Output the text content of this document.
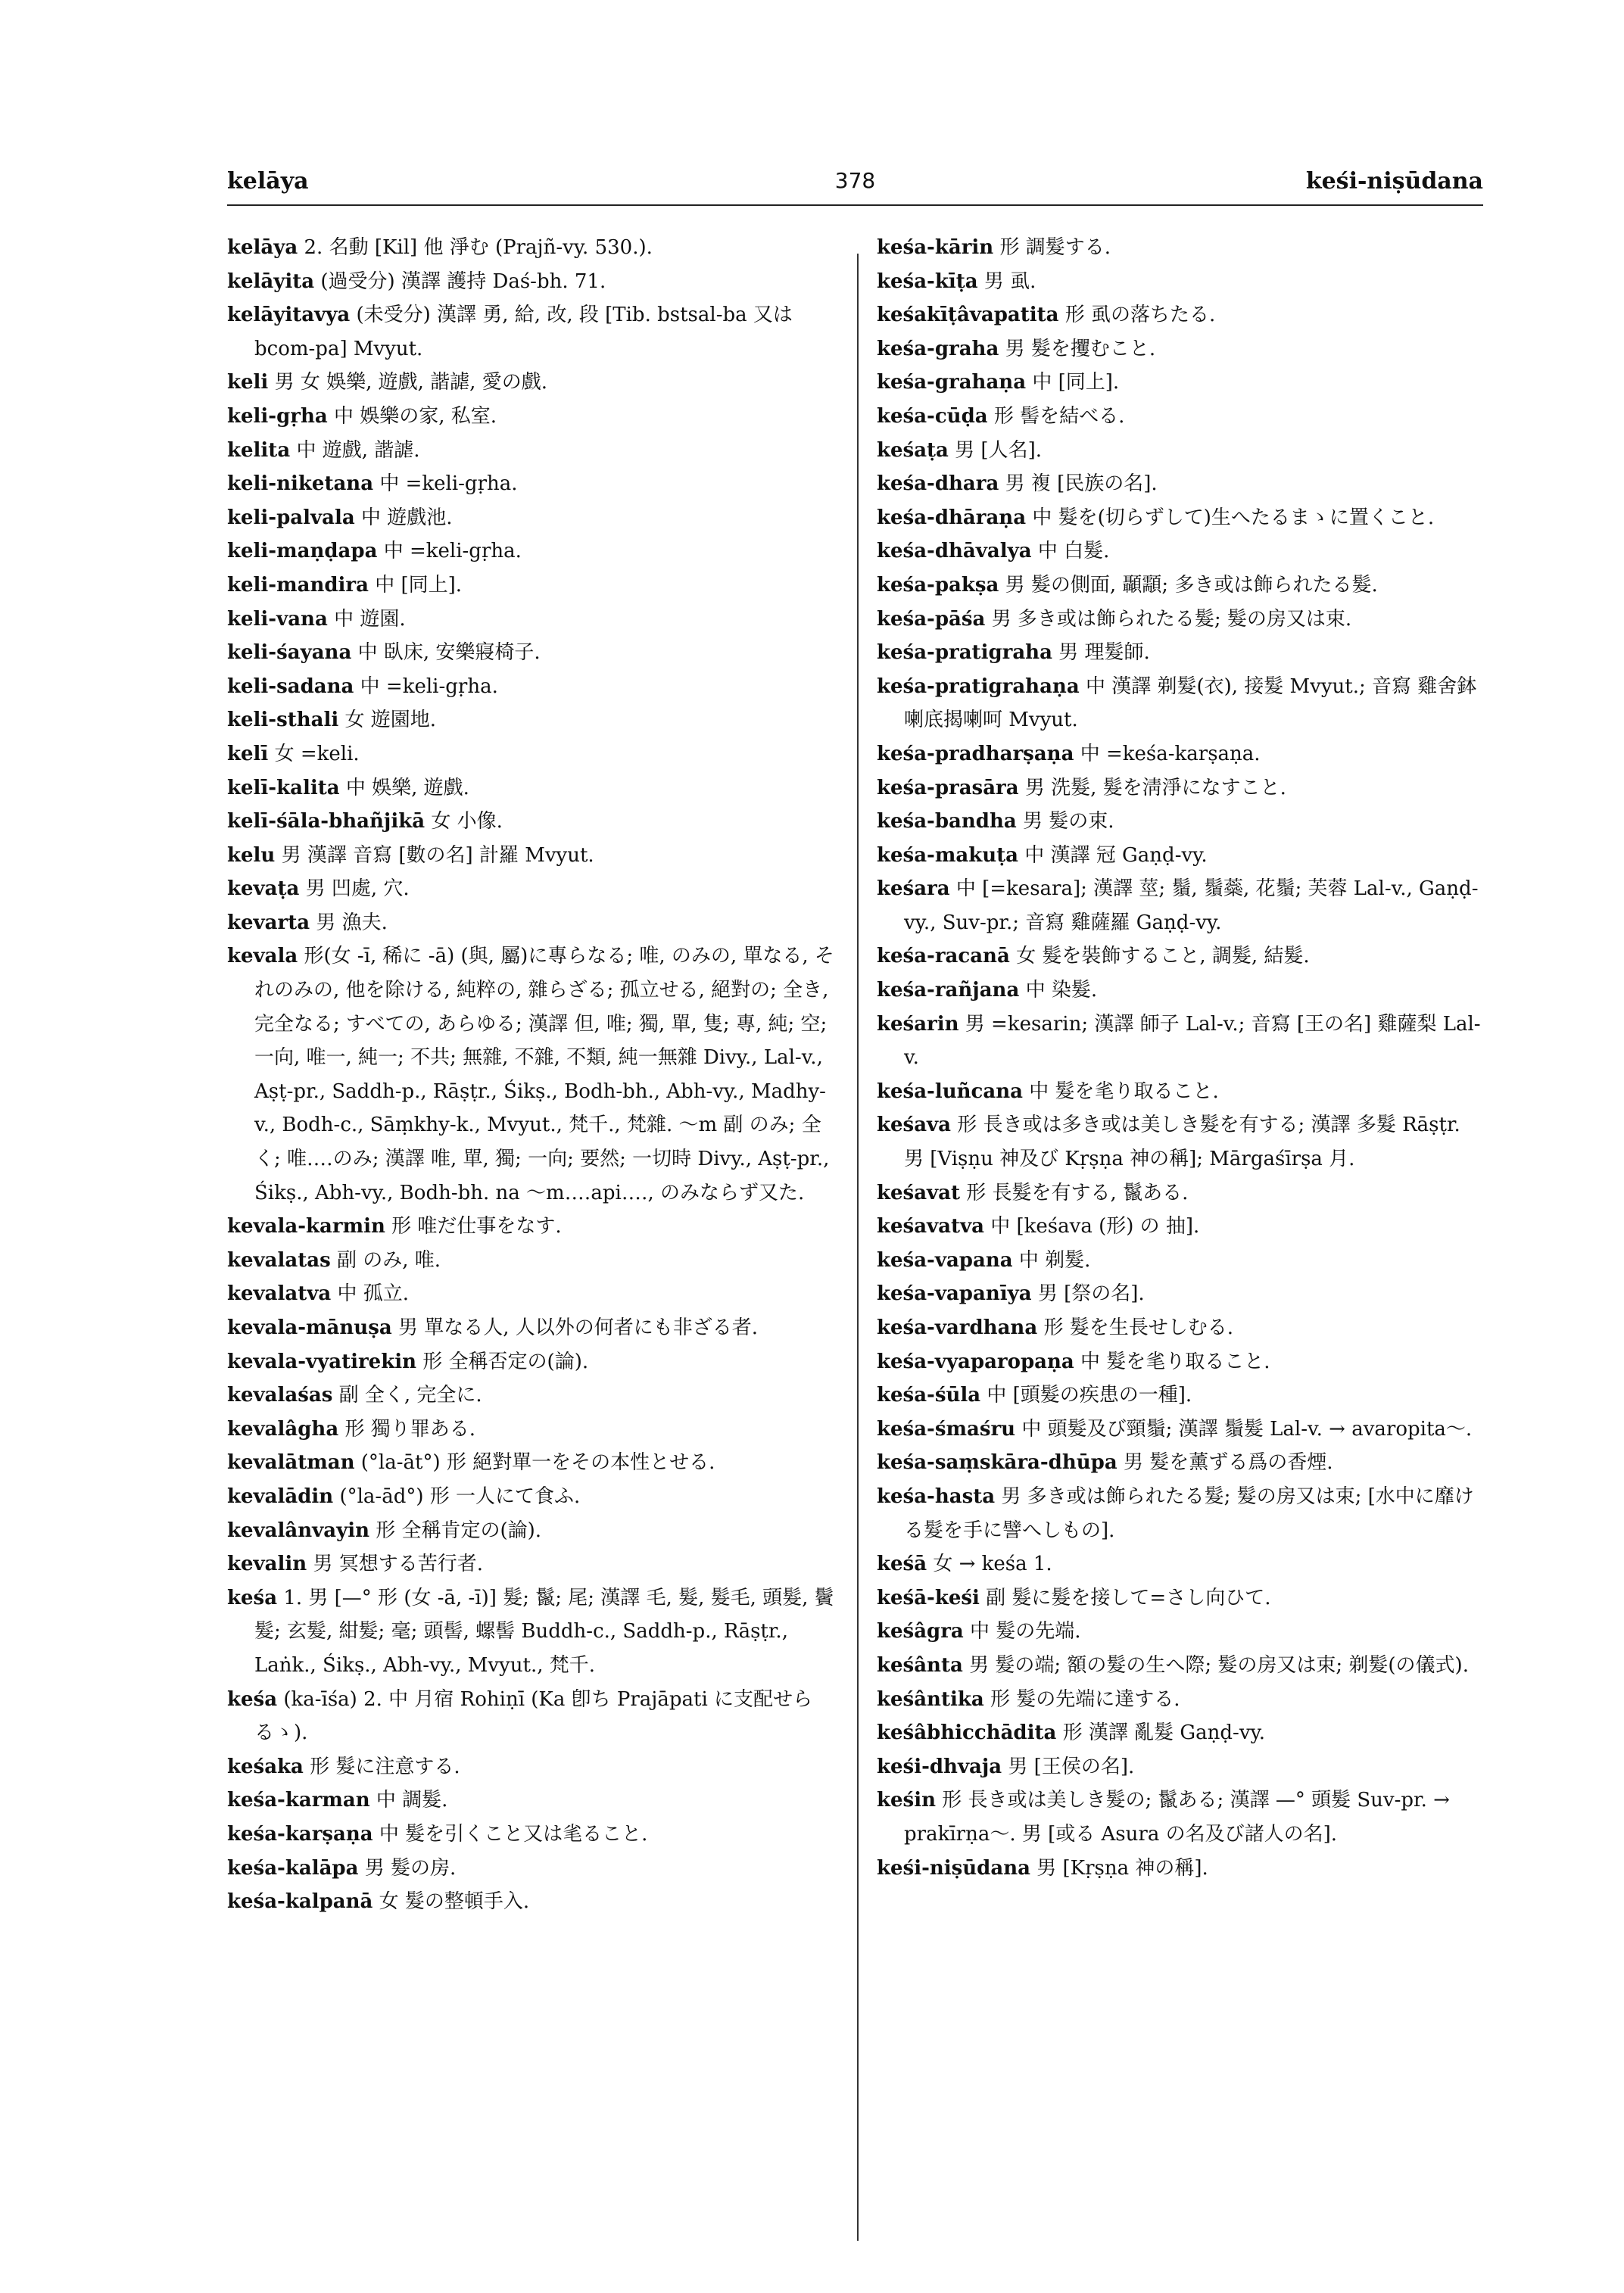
kelāya	378	keśi-niṣūdana

kelāya 2. 名動 [Kil] 他 淨む (Prajñ-vy. 530.).

kelāyita (過受分) 漢譯 護持 Daś-bh. 71.

kelāyitavya (未受分) 漢譯 勇, 給, 改, 段 [Tib. bstsal-ba 又は bcom-pa] Mvyut.

keli 男 女 娛樂, 遊戲, 諧謔, 愛の戲.

keli-gṛha 中 娛樂の家, 私室.

kelita 中 遊戲, 諧謔.

keli-niketana 中 =keli-gṛha.

keli-palvala 中 遊戲池.

keli-maṇḍapa 中 =keli-gṛha.

keli-mandira 中 [同上].

keli-vana 中 遊園.

keli-śayana 中 臥床, 安樂寢椅子.

keli-sadana 中 =keli-gṛha.

keli-sthali 女 遊園地.

kelī 女 =keli.

kelī-kalita 中 娛樂, 遊戲.

kelī-śāla-bhañjikā 女 小像.

kelu 男 漢譯 音寫 [數の名] 計羅 Mvyut.

kevaṭa 男 凹處, 穴.

kevarta 男 漁夫.

kevala 形(女 -ī, 稀に -ā) (與, 屬)に專らなる; 唯, のみの, 單なる, それのみの, 他を除ける, 純粹の, 雜らざる; 孤立せる, 絕對の; 全き, 完全なる; すべての, あらゆる; 漢譯 但, 唯; 獨, 單, 隻; 專, 純; 空; 一向, 唯一, 純一; 不共; 無雜, 不雜, 不類, 純一無雜 Divy., Lal-v., Aṣṭ-pr., Saddh-p., Rāṣṭr., Śikṣ., Bodh-bh., Abh-vy., Madhy-v., Bodh-c., Sāṃkhy-k., Mvyut., 梵千., 梵雜. 〜m 副 のみ; 全く; 唯‥‥のみ; 漢譯 唯, 單, 獨; 一向; 要然; 一切時 Divy., Aṣṭ-pr., Śikṣ., Abh-vy., Bodh-bh. na 〜m‥‥api‥‥, のみならず又た.

kevala-karmin 形 唯だ仕事をなす.

kevalatas 副 のみ, 唯.

kevalatva 中 孤立.

kevala-mānuṣa 男 單なる人, 人以外の何者にも非ざる者.

kevala-vyatirekin 形 全稱否定の(論).

kevalaśas 副 全く, 完全に.

kevalâgha 形 獨り罪ある.

kevalātman (°la-āt°) 形 絕對單一をその本性とせる.

kevalādin (°la-ād°) 形 一人にて食ふ.

kevalânvayin 形 全稱肯定の(論).

kevalin 男 冥想する苦行者.

keśa 1. 男 [—° 形 (女 -ā, -ī)] 髮; 鬣; 尾; 漢譯 毛, 髮, 髮毛, 頭髮, 鬢髮; 玄髮, 紺髮; 毫; 頭髻, 螺髻 Buddh-c., Saddh-p., Rāṣṭr., Laṅk., Śikṣ., Abh-vy., Mvyut., 梵千.

keśa (ka-īśa) 2. 中 月宿 Rohiṇī (Ka 卽ち Prajāpati に支配せらるゝ).

keśaka 形 髮に注意する.

keśa-karman 中 調髮.

keśa-karṣaṇa 中 髮を引くこと又は毟ること.

keśa-kalāpa 男 髮の房.

keśa-kalpanā 女 髮の整頓手入.

keśa-kārin 形 調髮する.

keśa-kīṭa 男 虱.

keśakīṭâvapatita 形 虱の落ちたる.

keśa-graha 男 髮を攫むこと.

keśa-grahaṇa 中 [同上].

keśa-cūḍa 形 髻を結べる.

keśaṭa 男 [人名].

keśa-dhara 男 複 [民族の名].

keśa-dhāraṇa 中 髮を(切らずして)生へたるまゝに置くこと.

keśa-dhāvalya 中 白髮.

keśa-pakṣa 男 髮の側面, 顳顬; 多き或は飾られたる髮.

keśa-pāśa 男 多き或は飾られたる髮; 髮の房又は束.

keśa-pratigraha 男 理髮師.

keśa-pratigrahaṇa 中 漢譯 剃髮(衣), 接髮 Mvyut.; 音寫 雞舍鉢喇底揭喇呵 Mvyut.

keśa-pradharṣaṇa 中 =keśa-karṣaṇa.

keśa-prasāra 男 洗髮, 髮を淸淨になすこと.

keśa-bandha 男 髮の束.

keśa-makuṭa 中 漢譯 冠 Gaṇḍ-vy.

keśara 中 [=kesara]; 漢譯 莖; 鬚, 鬚蘂, 花鬚; 芙蓉 Lal-v., Gaṇḍ-vy., Suv-pr.; 音寫 雞薩羅 Gaṇḍ-vy.

keśa-racanā 女 髮を裝飾すること, 調髮, 結髮.

keśa-rañjana 中 染髮.

keśarin 男 =kesarin; 漢譯 師子 Lal-v.; 音寫 [王の名] 雞薩梨 Lal-v.

keśa-luñcana 中 髮を毟り取ること.

keśava 形 長き或は多き或は美しき髮を有する; 漢譯 多髮 Rāṣṭr. 男 [Viṣṇu 神及び Kṛṣṇa 神の稱]; Mārgaśīrṣa 月.

keśavat 形 長髮を有する, 鬣ある.

keśavatva 中 [keśava (形) の 抽].

keśa-vapana 中 剃髮.

keśa-vapanīya 男 [祭の名].

keśa-vardhana 形 髮を生長せしむる.

keśa-vyaparopaṇa 中 髮を毟り取ること.

keśa-śūla 中 [頭髮の疾患の一種].

keśa-śmaśru 中 頭髮及び頸鬚; 漢譯 鬚髮 Lal-v. → avaropita〜.

keśa-saṃskāra-dhūpa 男 髮を薰ずる爲の香煙.

keśa-hasta 男 多き或は飾られたる髮; 髮の房又は束; [水中に靡ける髮を手に譬へしもの].

keśā 女 → keśa 1.

keśā-keśi 副 髮に髮を接して=さし向ひて.

keśâgra 中 髮の先端.

keśânta 男 髮の端; 額の髮の生へ際; 髮の房又は束; 剃髮(の儀式).

keśântika 形 髮の先端に達する.

keśâbhicchādita 形 漢譯 亂髮 Gaṇḍ-vy.

keśi-dhvaja 男 [王侯の名].

keśin 形 長き或は美しき髮の; 鬣ある; 漢譯 —° 頭髮 Suv-pr. → prakīrṇa〜. 男 [或る Asura の名及び諸人の名].

keśi-niṣūdana 男 [Kṛṣṇa 神の稱].
